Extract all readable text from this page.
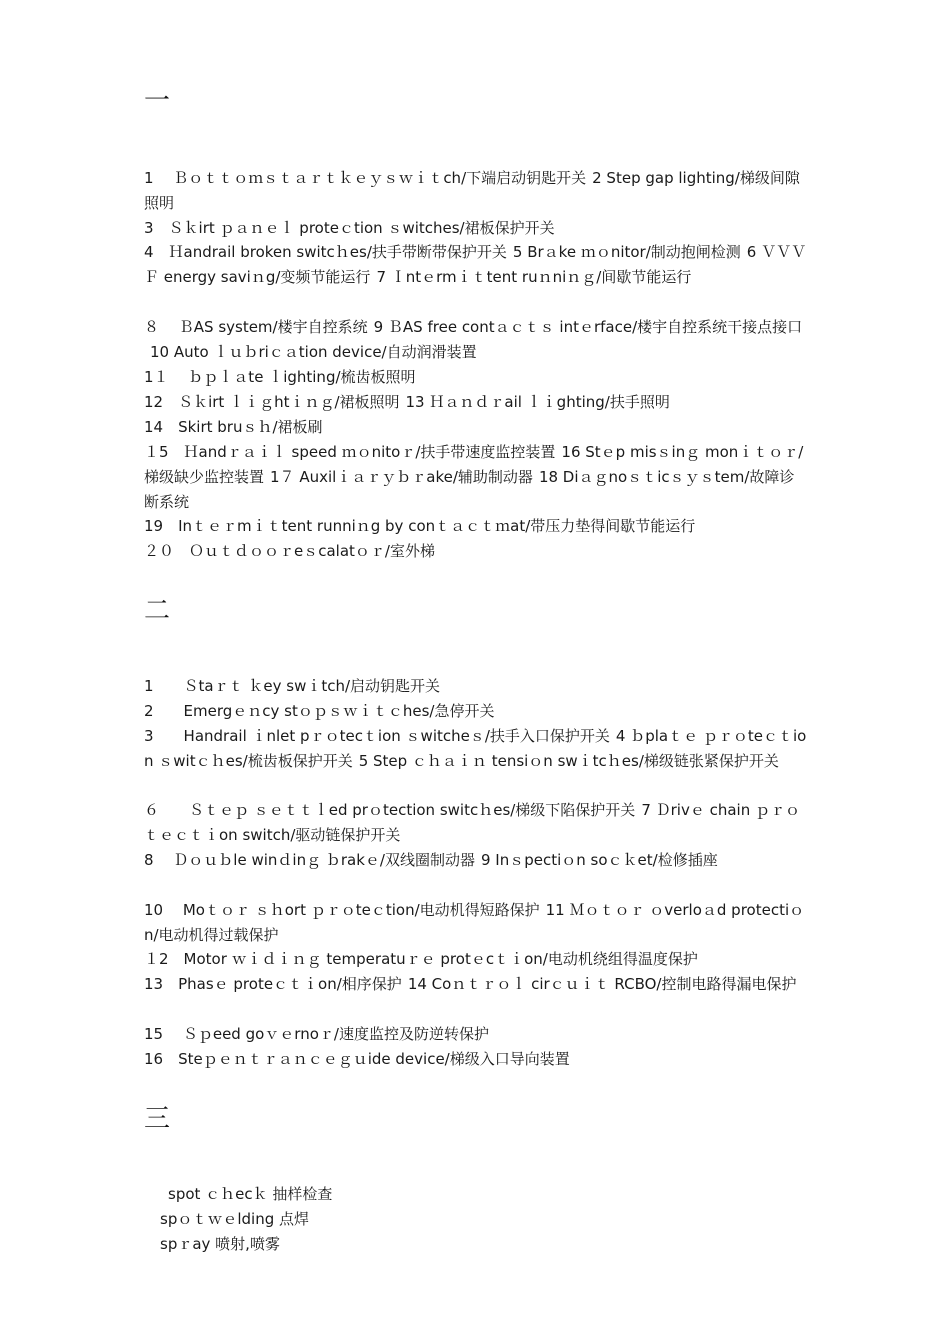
一
1　 Ｂｏｔｔｏｍｓｔａｒｔｋｅｙｓｗｉｔch/下端启动钥匙开关 2 Step gap lighting/梯级间隙照明
3　Ｓｋirt ｐａｎｅｌ proteｃtion ｓwitches/裙板保护开关
4　Ｈandrail broken switcｈes/扶手带断带保护开关 5 Brａke ｍｏnitor/制动抱闸检测 6 ＶＶＶＦ energy saviｎg/变频节能运行 7 Ｉntｅrmｉｔtent ruｎniｎｇ/间歇节能运行
８　 ＢAS system/楼宇自控系统 9 ＢAS free contａｃｔｓ intｅrface/楼宇自控系统干接点接口10 Auto ｌｕｂriｃａtion device/自动润滑装置
1１　 ｂｐｌａte ｌighting/梳齿板照明
12　Ｓｋirt ｌｉｇhtｉｎｇ/裙板照明 13 Ｈａｎｄｒail ｌｉghting/扶手照明
14　Skirt bruｓｈ/裙板刷
１5　Ｈandｒａｉｌ speed ｍｏnitoｒ/扶手带速度监控装置 16 Stｅp misｓinｇ monｉｔｏｒ/梯级缺少监控装置 1７ Auxilｉａｒｙｂｒake/辅助制动器 18 Diａｇnoｓｔicｓｙｓtem/故障诊断系统
19　Inｔｅｒmｉｔtent runniｎg by conｔａｃｔｍat/带压力垫得间歇节能运行
２０　Ｏｕｔｄｏｏｒeｓcalatｏｒ/室外梯
二
1　　Ｓtaｒｔ ｋey swｉtch/启动钥匙开关
2　　Emergｅｎcy stｏｐｓｗｉｔｃhes/急停开关
3　　Handrail ｉnlet pｒｏtecｔion ｓwitcheｓ/扶手入口保护开关 4 ｂplaｔｅ ｐｒｏteｃｔion ｓwitｃｈes/梳齿板保护开关 5 Step ｃｈａｉｎ tensiｏn swｉtcｈes/梯级链张紧保护开关
６　　Ｓｔｅｐ ｓｅｔｔｌed prｏtection switcｈes/梯级下陷保护开关 7 Ｄrivｅ chain ｐｒｏｔｅｃｔｉon switch/驱动链保护开关
8　 Ｄｏｕｂle winｄinｇ ｂrakｅ/双线圈制动器 9 Inｓpectiｏn soｃｋet/检修插座
10　 Moｔｏｒ ｓｈort ｐｒｏteｃtion/电动机得短路保护 11 Ｍｏｔｏｒ ｏverloａd protectiｏn/电动机得过载保护
１2　Motor ｗｉｄｉｎｇ temperatuｒｅ protｅcｔｉon/电动机绕组得温度保护
13　Phasｅ proteｃｔｉon/相序保护 14 Coｎｔｒｏｌ cirｃｕｉｔ RCBO/控制电路得漏电保护
15　 Ｓｐeed goｖｅrnoｒ/速度监控及防逆转保护
16　Steｐｅｎｔｒａｎｃｅｇｕide device/梯级入口导向装置
三
spot ｃｈecｋ 抽样检查
spｏｔｗｅlding 点焊
spｒay 喷射,喷雾
